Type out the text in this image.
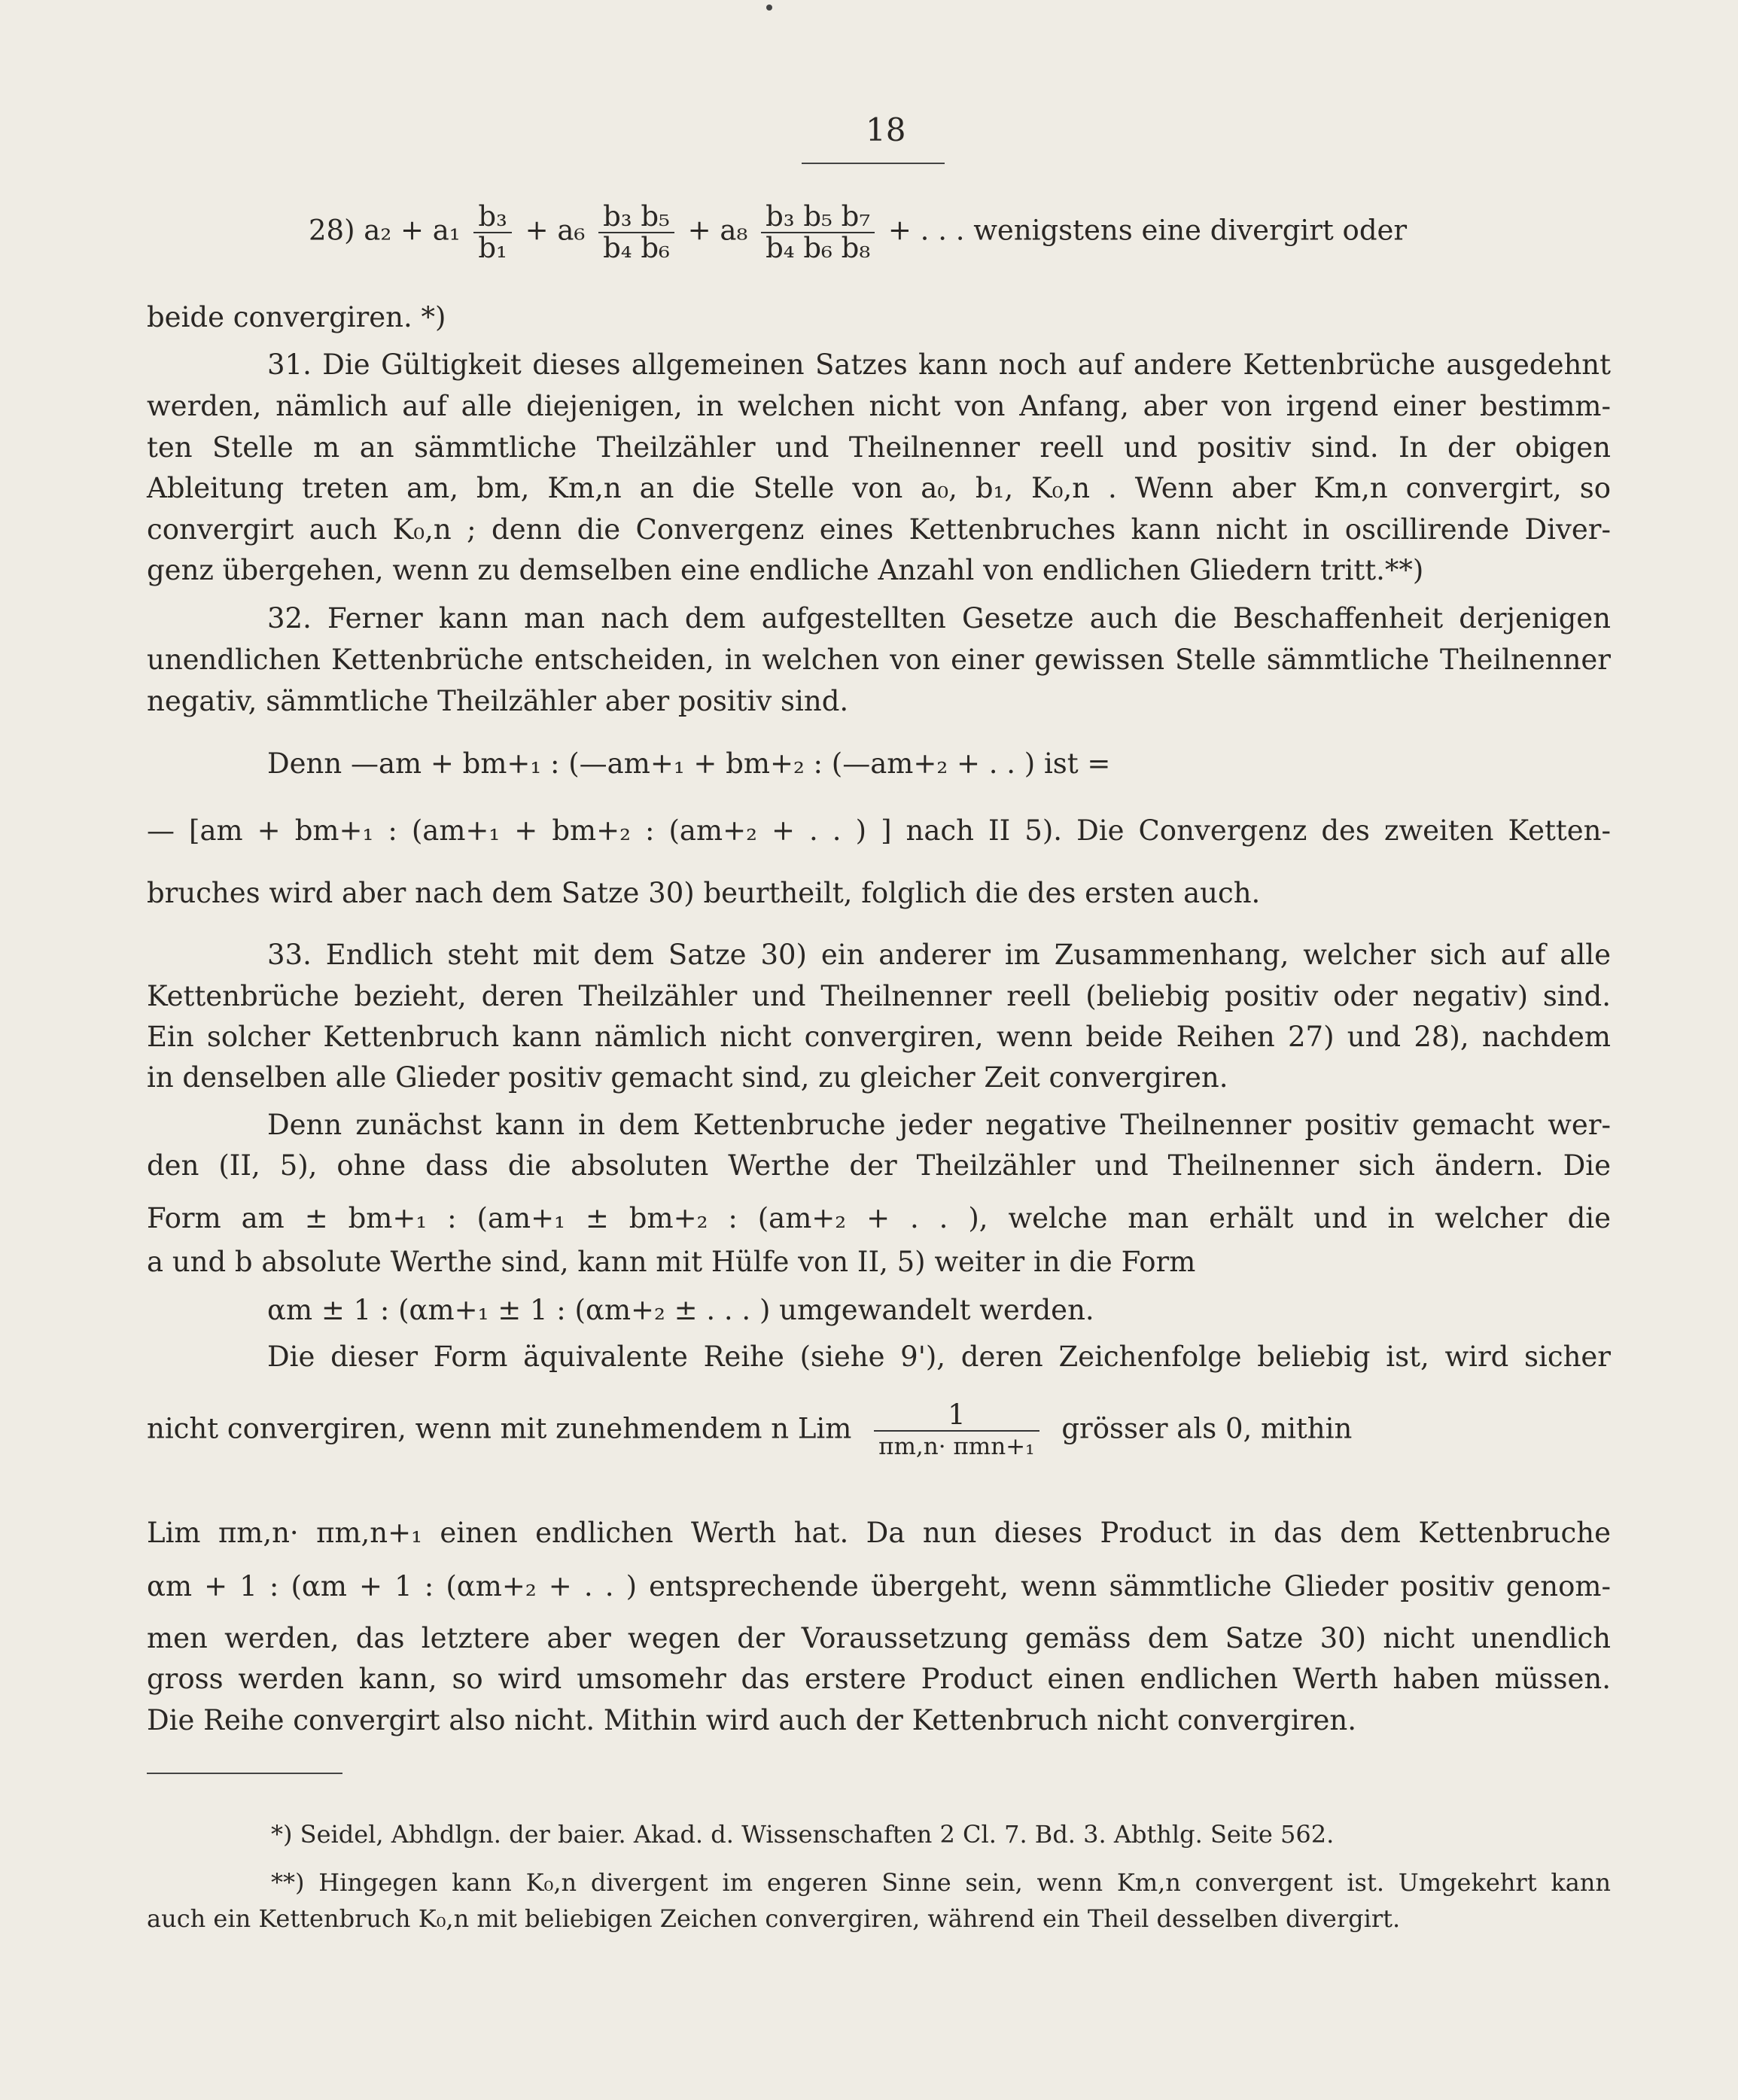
18
28) $a_2 + a_1 \frac{\text{b₃}}{\text{b₁}} + a_6 \frac{\text{b₃ b₅}}{\text{b₄ b₆}} + a_8 \frac{\text{b₃ b₅ b₇}}{\text{b₄ b₆ b₈}}$ + . . . wenigstens eine divergirt oder
beide convergiren. *)
31. Die Gültigkeit dieses allgemeinen Satzes kann noch auf andere Kettenbrüche ausgedehnt
werden, nämlich auf alle diejenigen, in welchen nicht von Anfang, aber von irgend einer bestimm-
ten Stelle m an sämmtliche Theilzähler und Theilnenner reell und positiv sind. In der obigen
Ableitung treten am, bm, Km,n an die Stelle von a₀, b₁, K₀,n . Wenn aber Km,n convergirt, so
convergirt auch K₀,n ; denn die Convergenz eines Kettenbruches kann nicht in oscillirende Diver-
genz übergehen, wenn zu demselben eine endliche Anzahl von endlichen Gliedern tritt.**)
32. Ferner kann man nach dem aufgestellten Gesetze auch die Beschaffenheit derjenigen
unendlichen Kettenbrüche entscheiden, in welchen von einer gewissen Stelle sämmtliche Theilnenner
negativ, sämmtliche Theilzähler aber positiv sind.
Denn —am + bm+₁ : (—am+₁ + bm+₂ : (—am+₂ + . . ) ist =
— [am + bm+₁ : (am+₁ + bm+₂ : (am+₂ + . . ) ] nach II 5). Die Convergenz des zweiten Ketten-
bruches wird aber nach dem Satze 30) beurtheilt, folglich die des ersten auch.
33. Endlich steht mit dem Satze 30) ein anderer im Zusammenhang, welcher sich auf alle
Kettenbrüche bezieht, deren Theilzähler und Theilnenner reell (beliebig positiv oder negativ) sind.
Ein solcher Kettenbruch kann nämlich nicht convergiren, wenn beide Reihen 27) und 28), nachdem
in denselben alle Glieder positiv gemacht sind, zu gleicher Zeit convergiren.
Denn zunächst kann in dem Kettenbruche jeder negative Theilnenner positiv gemacht wer-
den (II, 5), ohne dass die absoluten Werthe der Theilzähler und Theilnenner sich ändern. Die
Form am ± bm+₁ : (am+₁ ± bm+₂ : (am+₂ + . . ), welche man erhält und in welcher die
a und b absolute Werthe sind, kann mit Hülfe von II, 5) weiter in die Form
αm ± 1 : (αm+₁ ± 1 : (αm+₂ ± . . . ) umgewandelt werden.
Die dieser Form äquivalente Reihe (siehe 9'), deren Zeichenfolge beliebig ist, wird sicher
nicht convergiren, wenn mit zunehmendem n Lim $\frac{1}{\text{πm,n· πmn+₁}}$ grösser als 0, mithin
Lim πm,n· πm,n+₁ einen endlichen Werth hat. Da nun dieses Product in das dem Kettenbruche
αm + 1 : (αm + 1 : (αm+₂ + . . ) entsprechende übergeht, wenn sämmtliche Glieder positiv genom-
men werden, das letztere aber wegen der Voraussetzung gemäss dem Satze 30) nicht unendlich
gross werden kann, so wird umsomehr das erstere Product einen endlichen Werth haben müssen.
Die Reihe convergirt also nicht. Mithin wird auch der Kettenbruch nicht convergiren.
*) Seidel, Abhdlgn. der baier. Akad. d. Wissenschaften 2 Cl. 7. Bd. 3. Abthlg. Seite 562.
**) Hingegen kann K₀,n divergent im engeren Sinne sein, wenn Km,n convergent ist. Umgekehrt kann
auch ein Kettenbruch K₀,n mit beliebigen Zeichen convergiren, während ein Theil desselben divergirt.
